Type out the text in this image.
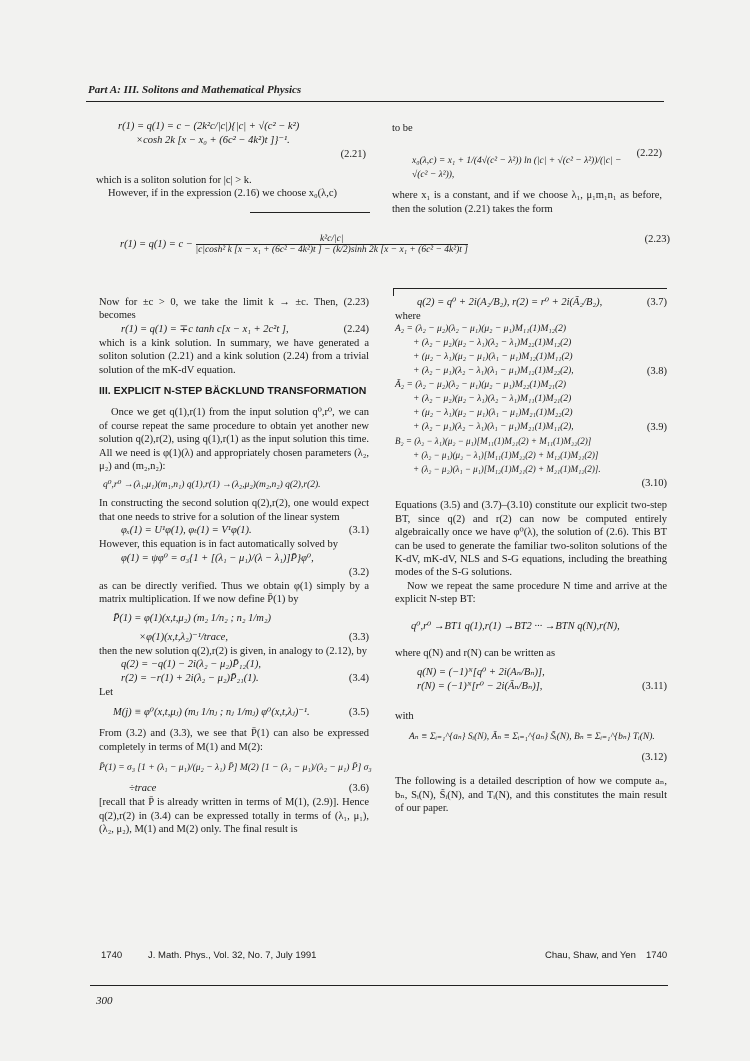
Part A: III. Solitons and Mathematical Physics
r(1) = q(1) = c − (2k²c/|c|){|c| + √(c² − k²)
×cosh 2k [x − x₀ + (6c² − 4k²)t ]}⁻¹.
(2.21)

which is a soliton solution for |c| > k.

However, if in the expression (2.16) we choose x₀(λ,c)

to be

x₀(λ,c) = x₁ + 1/(4√(c² − λ²)) ln (|c| + √(c² − λ²))/(|c| − √(c² − λ²)),
(2.22)

where x₁ is a constant, and if we choose λ₁, μ₁m₁n₁ as before, then the solution (2.21) takes the form

r(1) = q(1) = c −	k²c/|c|
|c|cosh² k [x − x₁ + (6c² − 4k²)t ] − (k/2)sinh 2k [x − x₁ + (6c² − 4k²)t ]
(2.23)

Now for ±c > 0, we take the limit k → ±c. Then, (2.23) becomes

r(1) = q(1) = ∓c tanh c[x − x₁ + 2c²t ],	(2.24)

which is a kink solution. In summary, we have generated a soliton solution (2.21) and a kink solution (2.24) from a trivial solution of the mK-dV equation.

III. EXPLICIT N-STEP BÄCKLUND TRANSFORMATION

Once we get q(1),r(1) from the input solution q⁰,r⁰, we can of course repeat the same procedure to obtain yet another new solution q(2),r(2), using q(1),r(1) as the input solution this time. All we need is φ(1)(λ) and appropriately chosen parameters (λ₂, μ₂) and (m₂,n₂):

q⁰,r⁰ →(λ₁,μ₁)(m₁,n₁) q(1),r(1) →(λ₂,μ₂)(m₂,n₂) q(2),r(2).

In constructing the second solution q(2),r(2), one would expect that one needs to strive for a solution of the linear system

φₓ(1) = U¹φ(1), φₜ(1) = V¹φ(1).	(3.1)

However, this equation is in fact automatically solved by

φ(1) = ψφ⁰ = σ₃{1 + [(λ₁ − μ₁)/(λ − λ₁)]P̄}φ⁰,
(3.2)

as can be directly verified. Thus we obtain φ(1) simply by a matrix multiplication. If we now define P̄(1) by

P̄(1) = φ(1)(x,t,μ₂) (m₂ 1/n₂ ; n₂ 1/m₂)
×φ(1)(x,t,λ₂)⁻¹/trace,	(3.3)

then the new solution q(2),r(2) is given, in analogy to (2.12), by

q(2) = −q(1) − 2i(λ₂ − μ₂)P̄₁₂(1),
r(2) = −r(1) + 2i(λ₂ − μ₂)P̄₂₁(1).	(3.4)

Let

M(j) ≡ φ⁰(x,t,μⱼ) (mⱼ 1/nⱼ ; nⱼ 1/mⱼ) φ⁰(x,t,λⱼ)⁻¹.	(3.5)

From (3.2) and (3.3), we see that P̄(1) can also be expressed completely in terms of M(1) and M(2):

P̄(1) = σ₃ [1 + (λ₁ − μ₁)/(μ₂ − λ₁) P̄] M(2) [1 − (λ₁ − μ₁)/(λ₂ − μ₁) P̄] σ₃
÷trace	(3.6)

[recall that P̄ is already written in terms of M(1), (2.9)]. Hence q(2),r(2) in (3.4) can be expressed totally in terms of (λ₁, μ₁), (λ₂, μ₂), M(1) and M(2) only. The final result is

q(2) = q⁰ + 2i(A₂/B₂), r(2) = r⁰ + 2i(Ã₂/B₂),	(3.7)

where

A₂ = (λ₂ − μ₂)(λ₂ − μ₁)(μ₂ − μ₁)M₁₁(1)M₁₂(2)
+ (λ₂ − μ₂)(μ₂ − λ₁)(λ₂ − λ₁)M₂₂(1)M₁₂(2)
+ (μ₂ − λ₁)(μ₂ − μ₁)(λ₁ − μ₁)M₁₂(1)M₁₁(2)
+ (λ₂ − μ₁)(λ₂ − λ₁)(λ₁ − μ₁)M₁₂(1)M₂₂(2),	(3.8)
Ã₂ = (λ₂ − μ₂)(λ₂ − μ₁)(μ₂ − μ₁)M₂₂(1)M₂₁(2)
+ (λ₂ − μ₂)(μ₂ − λ₁)(λ₂ − λ₁)M₁₁(1)M₂₁(2)
+ (μ₂ − λ₁)(μ₂ − μ₁)(λ₁ − μ₁)M₂₁(1)M₂₂(2)
+ (λ₂ − μ₁)(λ₂ − λ₁)(λ₁ − μ₁)M₂₁(1)M₁₁(2),	(3.9)
B₂ = (λ₂ − λ₁)(μ₂ − μ₁)[M₁₁(1)M₂₁(2) + M₁₁(1)M₂₂(2)]
+ (λ₂ − μ₁)(μ₂ − λ₁)[M₁₁(1)M₂₂(2) + M₁₂(1)M₂₁(2)]
+ (λ₂ − μ₂)(λ₁ − μ₁)[M₁₂(1)M₂₁(2) + M₂₁(1)M₁₂(2)].
(3.10)

Equations (3.5) and (3.7)–(3.10) constitute our explicit two-step BT, since q(2) and r(2) can now be computed entirely algebraically once we have φ⁰(λ), the solution of (2.6). This BT can be used to generate the familiar two-soliton solutions of the K-dV, mK-dV, NLS and S-G equations, including the breathing modes of the S-G solutions.

Now we repeat the same procedure N time and arrive at the explicit N-step BT:

q⁰,r⁰ →BT1 q(1),r(1) →BT2 ··· →BTN q(N),r(N),

where q(N) and r(N) can be written as

q(N) = (−1)ᴺ[q⁰ + 2i(Aₙ/Bₙ)],
r(N) = (−1)ᴺ[r⁰ − 2i(Ãₙ/Bₙ)],	(3.11)

with

Aₙ ≡ Σᵢ₌₁^{aₙ} Sᵢ(N), Ãₙ ≡ Σᵢ₌₁^{aₙ} S̃ᵢ(N), Bₙ ≡ Σᵢ₌₁^{bₙ} Tᵢ(N).
(3.12)

The following is a detailed description of how we compute aₙ, bₙ, Sᵢ(N), S̃ᵢ(N), and Tᵢ(N), and this constitutes the main result of our paper.

1740	J. Math. Phys., Vol. 32, No. 7, July 1991	Chau, Shaw, and Yen 1740
300
